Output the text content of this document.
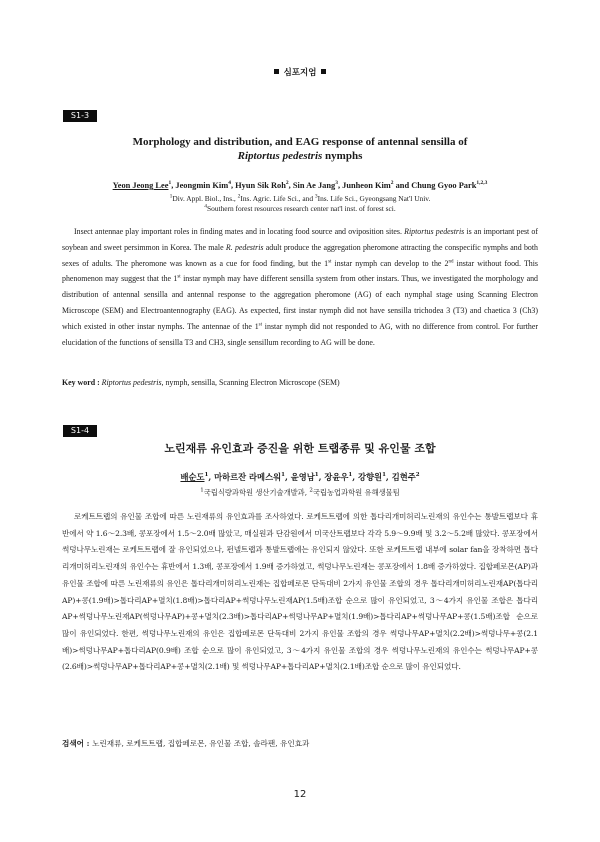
심포지엄
S1-3
Morphology and distribution, and EAG response of antennal sensilla of
Riptortus pedestris nymphs
Yeon Jeong Lee$^1$, Jeongmin Kim$^4$, Hyun Sik Roh$^2$, Sin Ae Jang$^3$, Junheon Kim$^2$ and Chung Gyoo Park$^{1,2,3}$
$^1$Div. Appl. Biol., Ins., $^2$Ins. Agric. Life Sci., and $^3$Ins. Life Sci., Gyeongsang Nat'l Univ.
$^4$Southern forest resources research center nat'l inst. of forest sci.

Insect antennae play important roles in finding mates and in locating food source and oviposition sites. Riptortus pedestris is an important pest of soybean and sweet persimmon in Korea. The male R. pedestris adult produce the aggregation pheromone attracting the conspecific nymphs and both sexes of adults. The pheromone was known as a cue for food finding, but the 1st instar nymph can develop to the 2nd instar without food. This phenomenon may suggest that the 1st instar nymph may have different sensilla system from other instars. Thus, we investigated the morphology and distribution of antennal sensilla and antennal response to the aggregation pheromone (AG) of each nymphal stage using Scanning Electron Microscope (SEM) and Electroantennography (EAG). As expected, first instar nymph did not have sensilla trichodea 3 (T3) and chaetica 3 (Ch3) which existed in other instar nymphs. The antennae of the 1st instar nymph did not responded to AG, with no difference from control. For further elucidation of the functions of sensilla T3 and CH3, single sensillum recording to AG will be done.

Key word : Riptortus pedestris, nymph, sensilla, Scanning Electron Microscope (SEM)
S1-4
노린재류 유인효과 증진을 위한 트랩종류 및 유인물 조합
배순도$^1$, 마하르잔 라메스워$^1$, 윤영남$^1$, 장윤우$^1$, 강향원$^1$, 김현주$^2$
$^1$국립식량과학원 생산기술개발과, $^2$국립농업과학원 유해생물팀

로케트트랩의 유인물 조합에 따른 노린재류의 유인효과를 조사하였다. 로케트트랩에 의한 톱다리개미허리노린재의 유인수는 통발트랩보다 휴반에서 약 1.6～2.3배, 콩포장에서 1.5～2.0배 많았고, 매실원과 단감원에서 미국산트랩보다 각각 5.9～9.9배 및 3.2～5.2배 많았다. 콩포장에서 썩덩나무노린재는 로케트트랩에 잘 유인되었으나, 펀넬트랩과 통발트랩에는 유인되지 않았다. 또한 로케트트랩 내부에 solar fan을 장착하면 톱다리개미허리노린재의 유인수는 휴반에서 1.3배, 콩포장에서 1.9배 증가하였고, 썩덩나무노린재는 콩포장에서 1.8배 증가하였다. 집합페로몬(AP)과 유인물 조합에 따른 노린재류의 유인은 톱다리개미허리노린재는 집합페로몬 단독대비 2가지 유인물 조합의 경우 톱다리개미허리노린재AP(톱다리AP)+콩(1.9배)>톱다리AP+멸치(1.8배)>톱다리AP+썩덩나무노린재AP(1.5배)조합 순으로 많이 유인되었고, 3～4가지 유인물 조합은 톱다리AP+썩덩나무노린재AP(썩덩나무AP)+콩+멸치(2.3배)>톱다리AP+썩덩나무AP+멸치(1.9배)>톱다리AP+썩덩나무AP+콩(1.5배)조합 순으로 많이 유인되었다. 한편, 썩덩나무노린재의 유인은 집합페로몬 단독대비 2가지 유인물 조합의 경우 썩덩나무AP+멸치(2.2배)>썩덩나무+콩(2.1배)>썩덩나무AP+톱다리AP(0.9배) 조합 순으로 많이 유인되었고, 3～4가지 유인물 조합의 경우 썩덩나무노린재의 유인수는 썩덩나무AP+콩(2.6배)>썩덩나무AP+톱다리AP+콩+멸치(2.1배) 및 썩덩나무AP+톱다리AP+멸치(2.1배)조합 순으로 많이 유인되었다.

검색어 : 노린재류, 로케트트랩, 집합페로몬, 유인물 조합, 솔라팬, 유인효과
12
